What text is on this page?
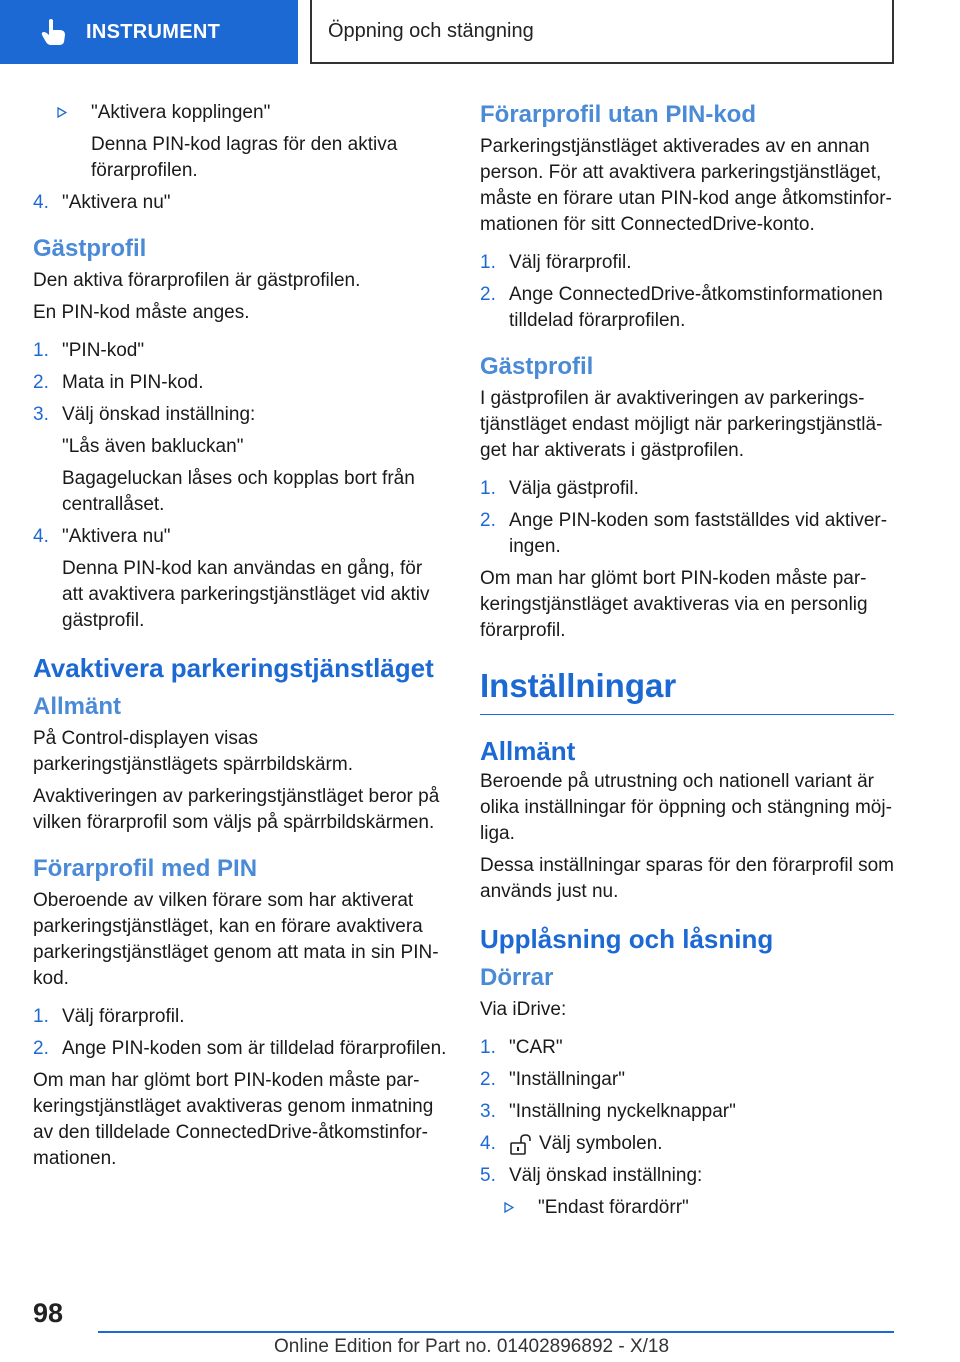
INSTRUMENT	Öppning och stängning
"Aktivera kopplingen"

Denna PIN-kod lagras för den aktiva förarprofilen.

4. "Aktivera nu"
Gästprofil

Den aktiva förarprofilen är gästprofilen.

En PIN-kod måste anges.

1. "PIN-kod"
2. Mata in PIN-kod.
3. Välj önskad inställning:

"Lås även bakluckan"

Bagageluckan låses och kopplas bort från centrallåset.

4. "Aktivera nu"

Denna PIN-kod kan användas en gång, för att avaktivera parkeringstjänstläget vid aktiv gästprofil.

Avaktivera parkeringstjänstläget
Allmänt

På Control-displayen visas parkeringstjänstlägets spärrbildskärm.

Avaktiveringen av parkeringstjänstläget beror på vilken förarprofil som väljs på spärrbildskärmen.

Förarprofil med PIN

Oberoende av vilken förare som har aktiverat parkeringstjänstläget, kan en förare avaktivera parkeringstjänstläget genom att mata in sin PIN-kod.

1. Välj förarprofil.
2. Ange PIN-koden som är tilldelad förarprofilen.

Om man har glömt bort PIN-koden måste parkeringstjänstläget avaktiveras genom inmatning av den tilldelade ConnectedDrive-åtkomstinformationen.

Förarprofil utan PIN-kod

Parkeringstjänstläget aktiverades av en annan person. För att avaktivera parkeringstjänstläget, måste en förare utan PIN-kod ange åtkomstinformationen för sitt ConnectedDrive-konto.

1. Välj förarprofil.
2. Ange ConnectedDrive-åtkomstinformationen tilldelad förarprofilen.
Gästprofil

I gästprofilen är avaktiveringen av parkeringstjänstläget endast möjligt när parkeringstjänstläget har aktiverats i gästprofilen.

1. Välja gästprofil.
2. Ange PIN-koden som fastställdes vid aktiveringen.

Om man har glömt bort PIN-koden måste parkeringstjänstläget avaktiveras via en personlig förarprofil.

Inställningar
Allmänt

Beroende på utrustning och nationell variant är olika inställningar för öppning och stängning möjliga.

Dessa inställningar sparas för den förarprofil som används just nu.

Upplåsning och låsning
Dörrar

Via iDrive:

1. "CAR"
2. "Inställningar"
3. "Inställning nyckelknappar"
4.	Välj symbolen.
5. Välj önskad inställning:
"Endast förardörr"
98
Online Edition for Part no. 01402896892 - X/18
